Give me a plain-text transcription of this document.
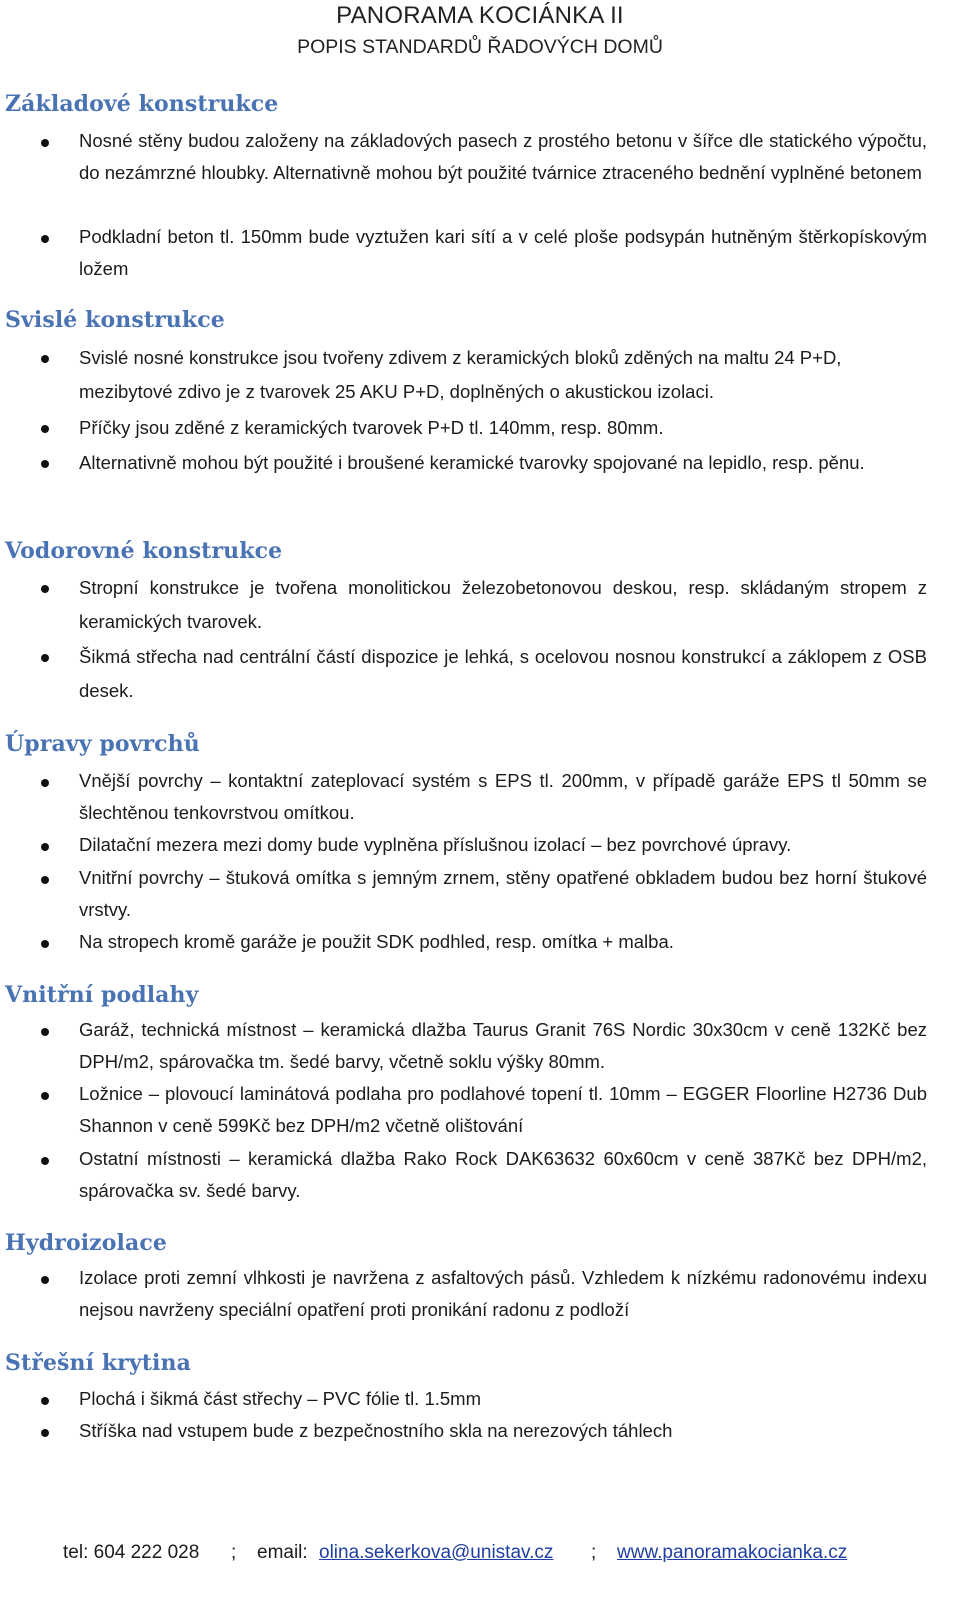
PANORAMA KOCIÁNKA II
POPIS STANDARDŮ ŘADOVÝCH DOMŮ
Základové konstrukce
Nosné stěny budou založeny na základových pasech z prostého betonu v šířce dle statického výpočtu, do nezámrzné hloubky. Alternativně mohou být použité tvárnice ztraceného bednění vyplněné betonem
Podkladní beton tl. 150mm bude vyztužen kari sítí a v celé ploše podsypán hutněným štěrkopískovým ložem
Svislé konstrukce
Svislé nosné konstrukce jsou tvořeny zdivem z keramických bloků zděných na maltu 24 P+D, mezibytové zdivo je z tvarovek 25 AKU P+D, doplněných o akustickou izolaci.
Příčky jsou zděné z keramických tvarovek P+D tl. 140mm, resp. 80mm.
Alternativně mohou být použité i broušené keramické tvarovky spojované na lepidlo, resp. pěnu.
Vodorovné konstrukce
Stropní konstrukce je tvořena monolitickou železobetonovou deskou, resp. skládaným stropem z keramických tvarovek.
Šikmá střecha nad centrální částí dispozice je lehká, s ocelovou nosnou konstrukcí a záklopem z OSB desek.
Úpravy povrchů
Vnější povrchy – kontaktní zateplovací systém s EPS tl. 200mm, v případě garáže EPS tl 50mm se šlechtěnou tenkovrstvou omítkou.
Dilatační mezera mezi domy bude vyplněna příslušnou izolací – bez povrchové úpravy.
Vnitřní povrchy – štuková omítka s jemným zrnem, stěny opatřené obkladem budou bez horní štukové vrstvy.
Na stropech kromě garáže je použit SDK podhled, resp. omítka + malba.
Vnitřní podlahy
Garáž, technická místnost – keramická dlažba Taurus Granit 76S Nordic 30x30cm v ceně 132Kč bez DPH/m2, spárovačka tm. šedé barvy, včetně soklu výšky 80mm.
Ložnice – plovoucí laminátová podlaha pro podlahové topení tl. 10mm – EGGER Floorline H2736 Dub Shannon v ceně 599Kč bez DPH/m2 včetně olištování
Ostatní místnosti – keramická dlažba Rako Rock DAK63632 60x60cm v ceně 387Kč bez DPH/m2, spárovačka sv. šedé barvy.
Hydroizolace
Izolace proti zemní vlhkosti je navržena z asfaltových pásů. Vzhledem k nízkému radonovému indexu nejsou navrženy speciální opatření proti pronikání radonu z podloží
Střešní krytina
Plochá i šikmá část střechy – PVC fólie tl. 1.5mm
Stříška nad vstupem bude z bezpečnostního skla na nerezových táhlech
tel: 604 222 028 ; email: olina.sekerkova@unistav.cz ; www.panoramakocianka.cz
